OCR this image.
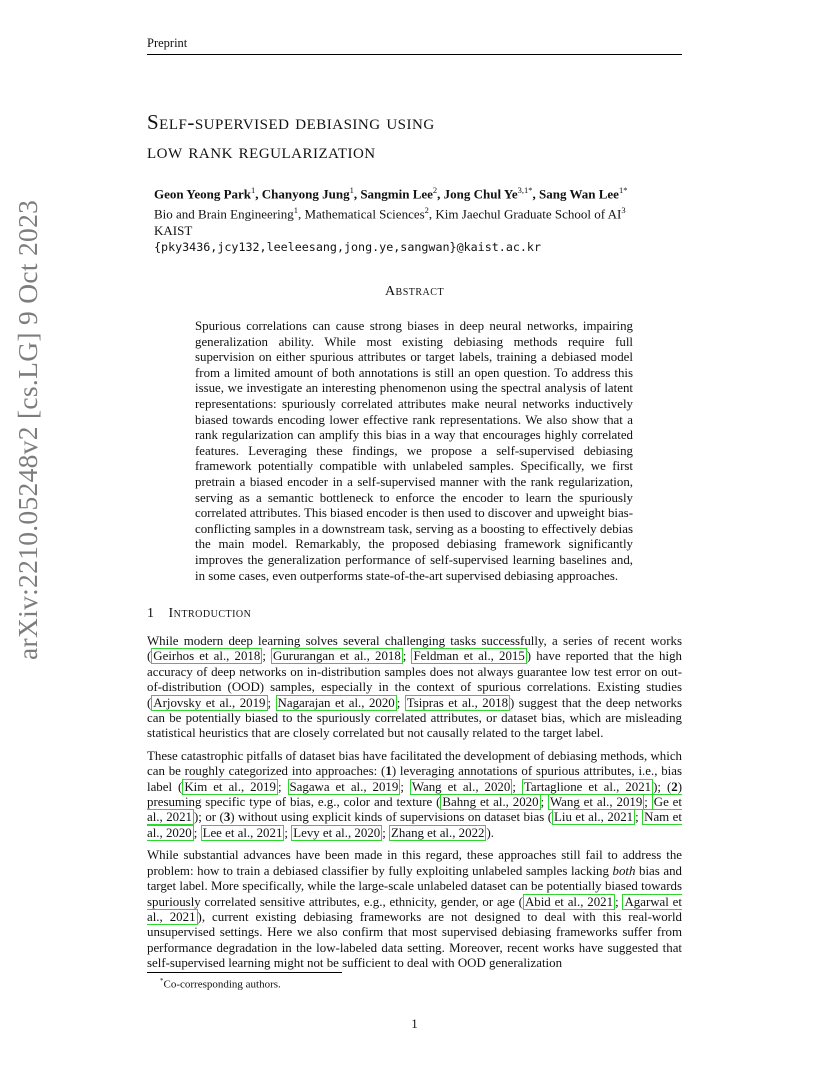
Preprint
arXiv:2210.05248v2 [cs.LG] 9 Oct 2023
Self-supervised debiasing using
low rank regularization
Geon Yeong Park$^1$, Chanyong Jung$^1$, Sangmin Lee$^2$, Jong Chul $Ye^{3,1*}$, Sang Wan Lee$^{1*}$
Bio and Brain Engineering$^1$, Mathematical Sciences$^2$, Kim Jaechul Graduate School of $AI^3$
KAIST
{pky3436,jcy132,leeleesang,jong.ye,sangwan}@kaist.ac.kr
Abstract
Spurious correlations can cause strong biases in deep neural networks, impairing generalization ability. While most existing debiasing methods require full supervision on either spurious attributes or target labels, training a debiased model from a limited amount of both annotations is still an open question. To address this issue, we investigate an interesting phenomenon using the spectral analysis of latent representations: spuriously correlated attributes make neural networks inductively biased towards encoding lower effective rank representations. We also show that a rank regularization can amplify this bias in a way that encourages highly correlated features. Leveraging these findings, we propose a self-supervised debiasing framework potentially compatible with unlabeled samples. Specifically, we first pretrain a biased encoder in a self-supervised manner with the rank regularization, serving as a semantic bottleneck to enforce the encoder to learn the spuriously correlated attributes. This biased encoder is then used to discover and upweight bias-conflicting samples in a downstream task, serving as a boosting to effectively debias the main model. Remarkably, the proposed debiasing framework significantly improves the generalization performance of self-supervised learning baselines and, in some cases, even outperforms state-of-the-art supervised debiasing approaches.
1 Introduction

While modern deep learning solves several challenging tasks successfully, a series of recent works ( Geirhos et al., 2018 ; Gururangan et al., 2018 ; Feldman et al., 2015 ) have reported that the high accuracy of deep networks on in-distribution samples does not always guarantee low test error on out-of-distribution (OOD) samples, especially in the context of spurious correlations. Existing studies ( Arjovsky et al., 2019 ; Nagarajan et al., 2020 ; Tsipras et al., 2018 ) suggest that the deep networks can be potentially biased to the spuriously correlated attributes, or dataset bias, which are misleading statistical heuristics that are closely correlated but not causally related to the target label.

These catastrophic pitfalls of dataset bias have facilitated the development of debiasing methods, which can be roughly categorized into approaches: (1) leveraging annotations of spurious attributes, i.e., bias label ( Kim et al., 2019 ; Sagawa et al., 2019 ; Wang et al., 2020 ; Tartaglione et al., 2021 ); (2) presuming specific type of bias, e.g., color and texture ( Bahng et al., 2020 ; Wang et al., 2019 ; Ge et al., 2021 ); or (3) without using explicit kinds of supervisions on dataset bias ( Liu et al., 2021 ; Nam et al., 2020 ; Lee et al., 2021 ; Levy et al., 2020 ; Zhang et al., 2022 ).

While substantial advances have been made in this regard, these approaches still fail to address the problem: how to train a debiased classifier by fully exploiting unlabeled samples lacking both bias and target label. More specifically, while the large-scale unlabeled dataset can be potentially biased towards spuriously correlated sensitive attributes, e.g., ethnicity, gender, or age ( Abid et al., 2021 ; Agarwal et al., 2021 ), current existing debiasing frameworks are not designed to deal with this real-world unsupervised settings. Here we also confirm that most supervised debiasing frameworks suffer from performance degradation in the low-labeled data setting. Moreover, recent works have suggested that self-supervised learning might not be sufficient to deal with OOD generalization

*Co-corresponding authors.
1
